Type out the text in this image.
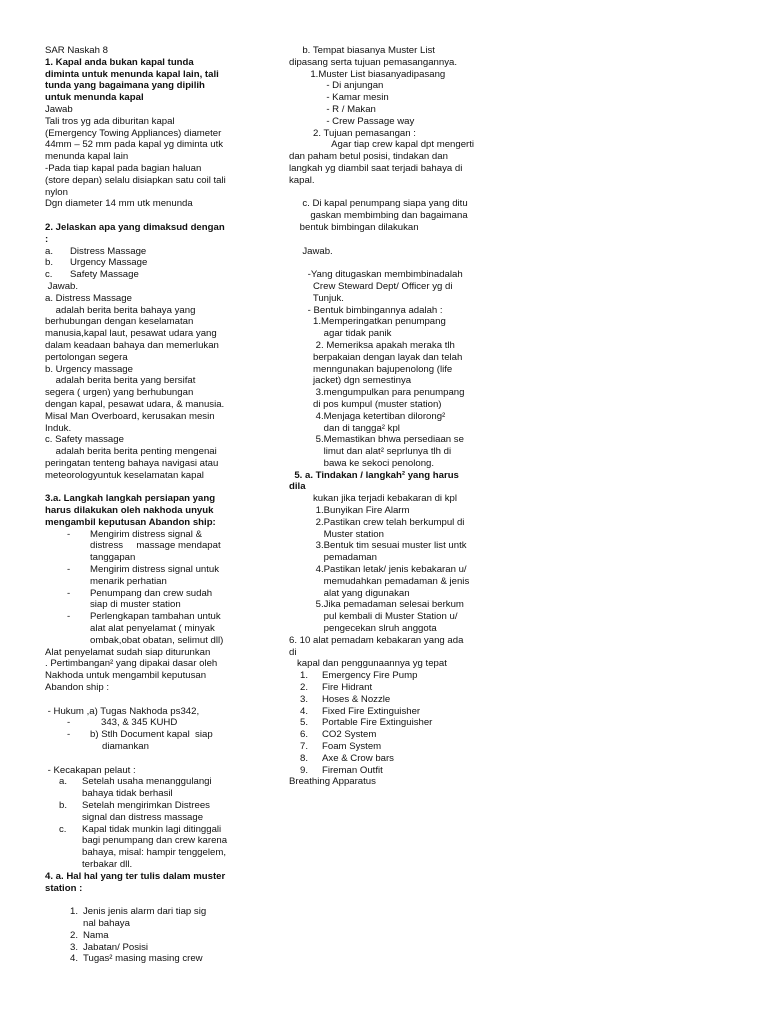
SAR Naskah 8
1. Kapal anda bukan kapal tunda
diminta untuk menunda kapal lain, tali
tunda yang bagaimana yang dipilih
untuk menunda kapal
Jawab
Tali tros yg ada diburitan kapal
(Emergency Towing Appliances) diameter
44mm – 52 mm pada kapal yg diminta utk
menunda kapal lain
-Pada tiap kapal pada bagian haluan
(store depan) selalu disiapkan satu coil tali
nylon
Dgn diameter 14 mm utk menunda
2. Jelaskan apa yang dimaksud dengan
:
a. Distress Massage
b. Urgency Massage
c. Safety Massage
Jawab.
a. Distress Massage
adalah berita berita bahaya yang
berhubungan dengan keselamatan
manusia,kapal laut, pesawat udara yang
dalam keadaan bahaya dan memerlukan
pertolongan segera
b. Urgency massage
adalah berita berita yang bersifat
segera ( urgen) yang berhubungan
dengan kapal, pesawat udara, & manusia.
Misal Man Overboard, kerusakan mesin
Induk.
c. Safety massage
adalah berita berita penting mengenai
peringatan tenteng bahaya navigasi atau
meteorologyuntuk keselamatan kapal
3.a. Langkah langkah persiapan yang
harus dilakukan oleh nakhoda unyuk
mengambil keputusan Abandon ship:
- Mengirim distress signal &
distress     massage mendapat
tanggapan
- Mengirim distress signal untuk
menarik perhatian
- Penumpang dan crew sudah
siap di muster station
- Perlengkapan tambahan untuk
alat alat penyelamat ( minyak
ombak,obat obatan, selimut dll)
Alat penyelamat sudah siap diturunkan
. Pertimbangan² yang dipakai dasar oleh
Nakhoda untuk mengambil keputusan
Abandon ship :
- Hukum ,a) Tugas Nakhoda ps342,
-	343, & 345 KUHD
- b) Stlh Document kapal  siap
diamankan
- Kecakapan pelaut :
a. Setelah usaha menanggulangi
bahaya tidak berhasil
b. Setelah mengirimkan Distrees
signal dan distress massage
c. Kapal tidak munkin lagi ditinggali
bagi penumpang dan crew karena
bahaya, misal: hampir tenggelem,
terbakar dll.
4. a. Hal hal yang ter tulis dalam muster
station :
1. Jenis jenis alarm dari tiap sig
nal bahaya
2. Nama
3. Jabatan/ Posisi
4. Tugas² masing masing crew
b. Tempat biasanya Muster List
dipasang serta tujuan pemasangannya.
1.Muster List biasanyadipasang
- Di anjungan
- Kamar mesin
- R / Makan
- Crew Passage way
2. Tujuan pemasangan :
Agar tiap crew kapal dpt mengerti
dan paham betul posisi, tindakan dan
langkah yg diambil saat terjadi bahaya di
kapal.
c. Di kapal penumpang siapa yang ditu
gaskan membimbing dan bagaimana
bentuk bimbingan dilakukan
Jawab.
-Yang ditugaskan membimbinadalah
Crew Steward Dept/ Officer yg di
Tunjuk.
- Bentuk bimbingannya adalah :
1.Memperingatkan penumpang
agar tidak panik
2. Memeriksa apakah meraka tlh
berpakaian dengan layak dan telah
menngunakan bajupenolong (life
jacket) dgn semestinya
3.mengumpulkan para penumpang
di pos kumpul (muster station)
4.Menjaga ketertiban dilorong²
dan di tangga² kpl
5.Memastikan bhwa persediaan se
limut dan alat² seprlunya tlh di
bawa ke sekoci penolong.
5. a. Tindakan / langkah² yang harus
dila
kukan jika terjadi kebakaran di kpl
1.Bunyikan Fire Alarm
2.Pastikan crew telah berkumpul di
Muster station
3.Bentuk tim sesuai muster list untk
pemadaman
4.Pastikan letak/ jenis kebakaran u/
memudahkan pemadaman & jenis
alat yang digunakan
5.Jika pemadaman selesai berkum
pul kembali di Muster Station u/
pengecekan slruh anggota
6. 10 alat pemadam kebakaran yang ada
di
kapal dan penggunaannya yg tepat
1. Emergency Fire Pump
2. Fire Hidrant
3. Hoses & Nozzle
4. Fixed Fire Extinguisher
5. Portable Fire Extinguisher
6. CO2 System
7. Foam System
8. Axe & Crow bars
9. Fireman Outfit
Breathing Apparatus
